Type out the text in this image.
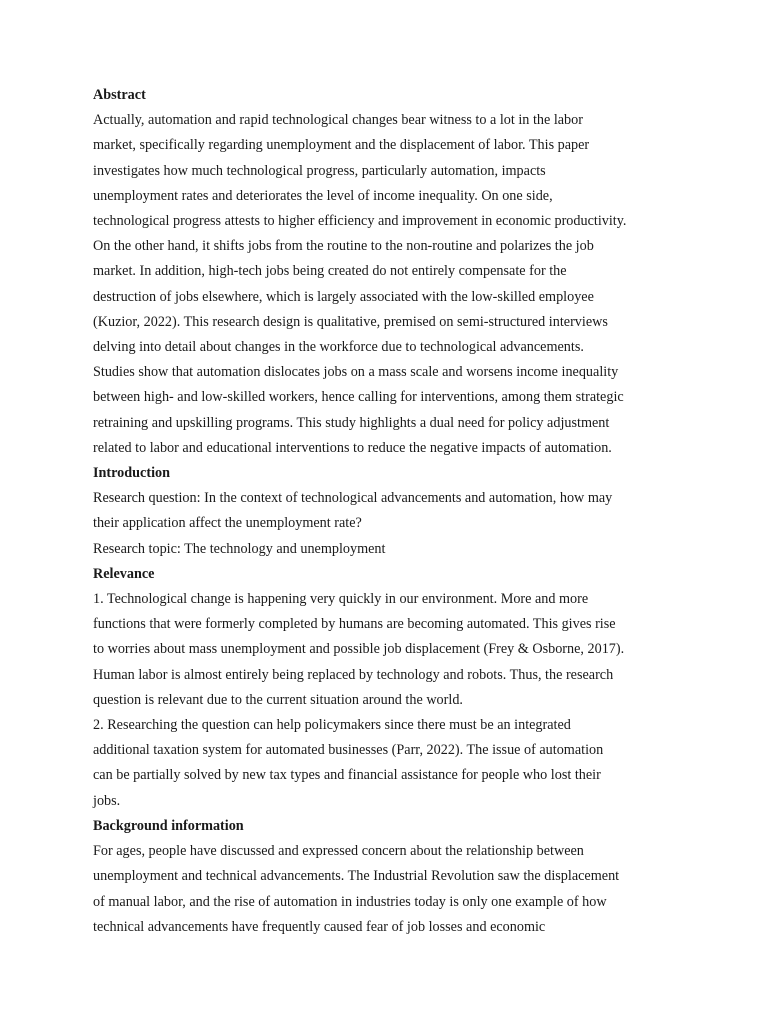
Abstract

Actually, automation and rapid technological changes bear witness to a lot in the labor
market, specifically regarding unemployment and the displacement of labor. This paper
investigates how much technological progress, particularly automation, impacts
unemployment rates and deteriorates the level of income inequality. On one side,
technological progress attests to higher efficiency and improvement in economic productivity.
On the other hand, it shifts jobs from the routine to the non-routine and polarizes the job
market. In addition, high-tech jobs being created do not entirely compensate for the
destruction of jobs elsewhere, which is largely associated with the low-skilled employee
(Kuzior, 2022). This research design is qualitative, premised on semi-structured interviews
delving into detail about changes in the workforce due to technological advancements.
Studies show that automation dislocates jobs on a mass scale and worsens income inequality
between high- and low-skilled workers, hence calling for interventions, among them strategic
retraining and upskilling programs. This study highlights a dual need for policy adjustment
related to labor and educational interventions to reduce the negative impacts of automation.

Introduction

Research question: In the context of technological advancements and automation, how may
their application affect the unemployment rate?
Research topic: The technology and unemployment

Relevance

1. Technological change is happening very quickly in our environment. More and more
functions that were formerly completed by humans are becoming automated. This gives rise
to worries about mass unemployment and possible job displacement (Frey & Osborne, 2017).
Human labor is almost entirely being replaced by technology and robots. Thus, the research
question is relevant due to the current situation around the world.
2. Researching the question can help policymakers since there must be an integrated
additional taxation system for automated businesses (Parr, 2022). The issue of automation
can be partially solved by new tax types and financial assistance for people who lost their
jobs.

Background information

For ages, people have discussed and expressed concern about the relationship between
unemployment and technical advancements. The Industrial Revolution saw the displacement
of manual labor, and the rise of automation in industries today is only one example of how
technical advancements have frequently caused fear of job losses and economic
